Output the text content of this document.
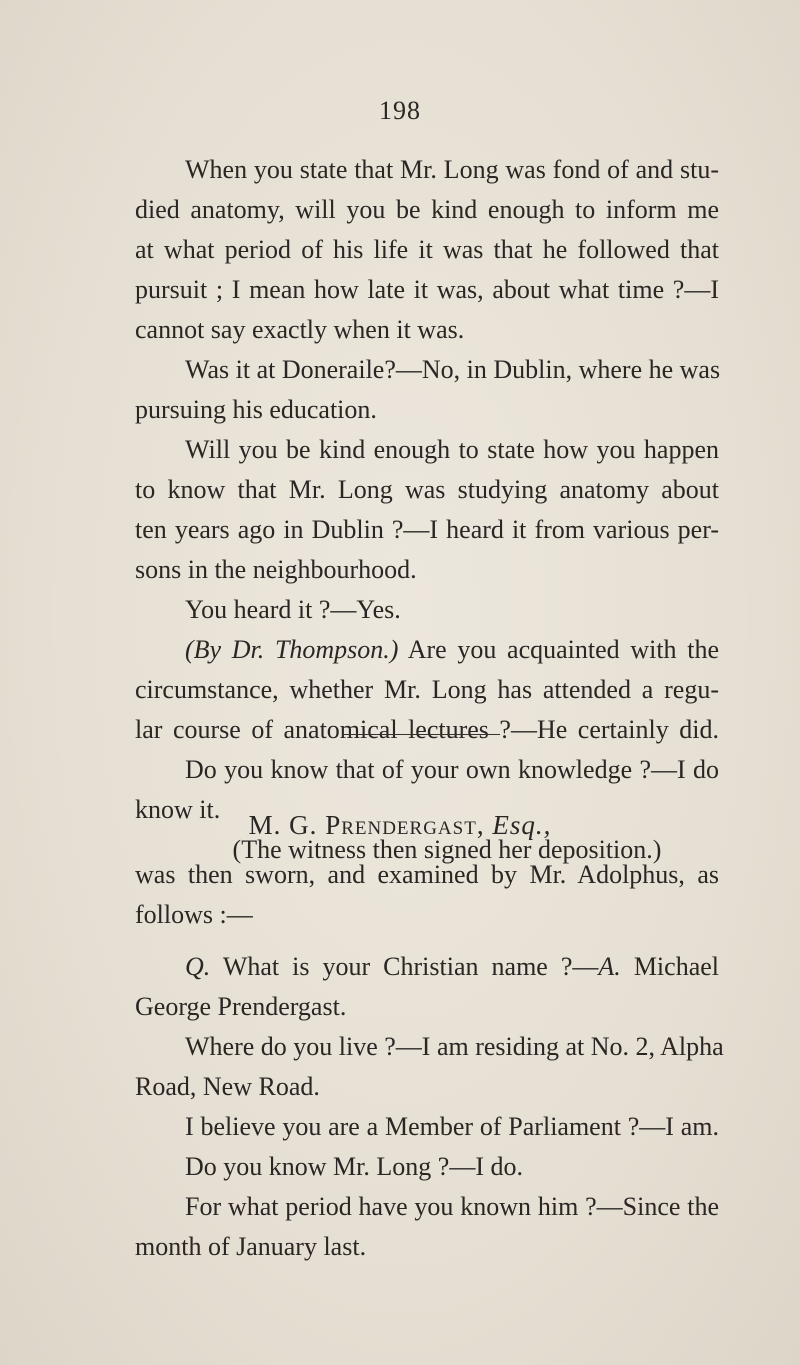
198
When you state that Mr. Long was fond of and stu-
died anatomy, will you be kind enough to inform me
at what period of his life it was that he followed that
pursuit ; I mean how late it was, about what time ?—I
cannot say exactly when it was.
Was it at Doneraile?—No, in Dublin, where he was
pursuing his education.
Will you be kind enough to state how you happen
to know that Mr. Long was studying anatomy about
ten years ago in Dublin ?—I heard it from various per-
sons in the neighbourhood.
You heard it ?—Yes.
(By Dr. Thompson.) Are you acquainted with the
circumstance, whether Mr. Long has attended a regu-
lar course of anatomical lectures ?—He certainly did.
Do you know that of your own knowledge ?—I do
know it.
(The witness then signed her deposition.)
M. G. Prendergast, Esq.,
was then sworn, and examined by Mr. Adolphus, as
follows :—
Q. What is your Christian name ?—A. Michael
George Prendergast.
Where do you live ?—I am residing at No. 2, Alpha
Road, New Road.
I believe you are a Member of Parliament ?—I am.
Do you know Mr. Long ?—I do.
For what period have you known him ?—Since the
month of January last.
